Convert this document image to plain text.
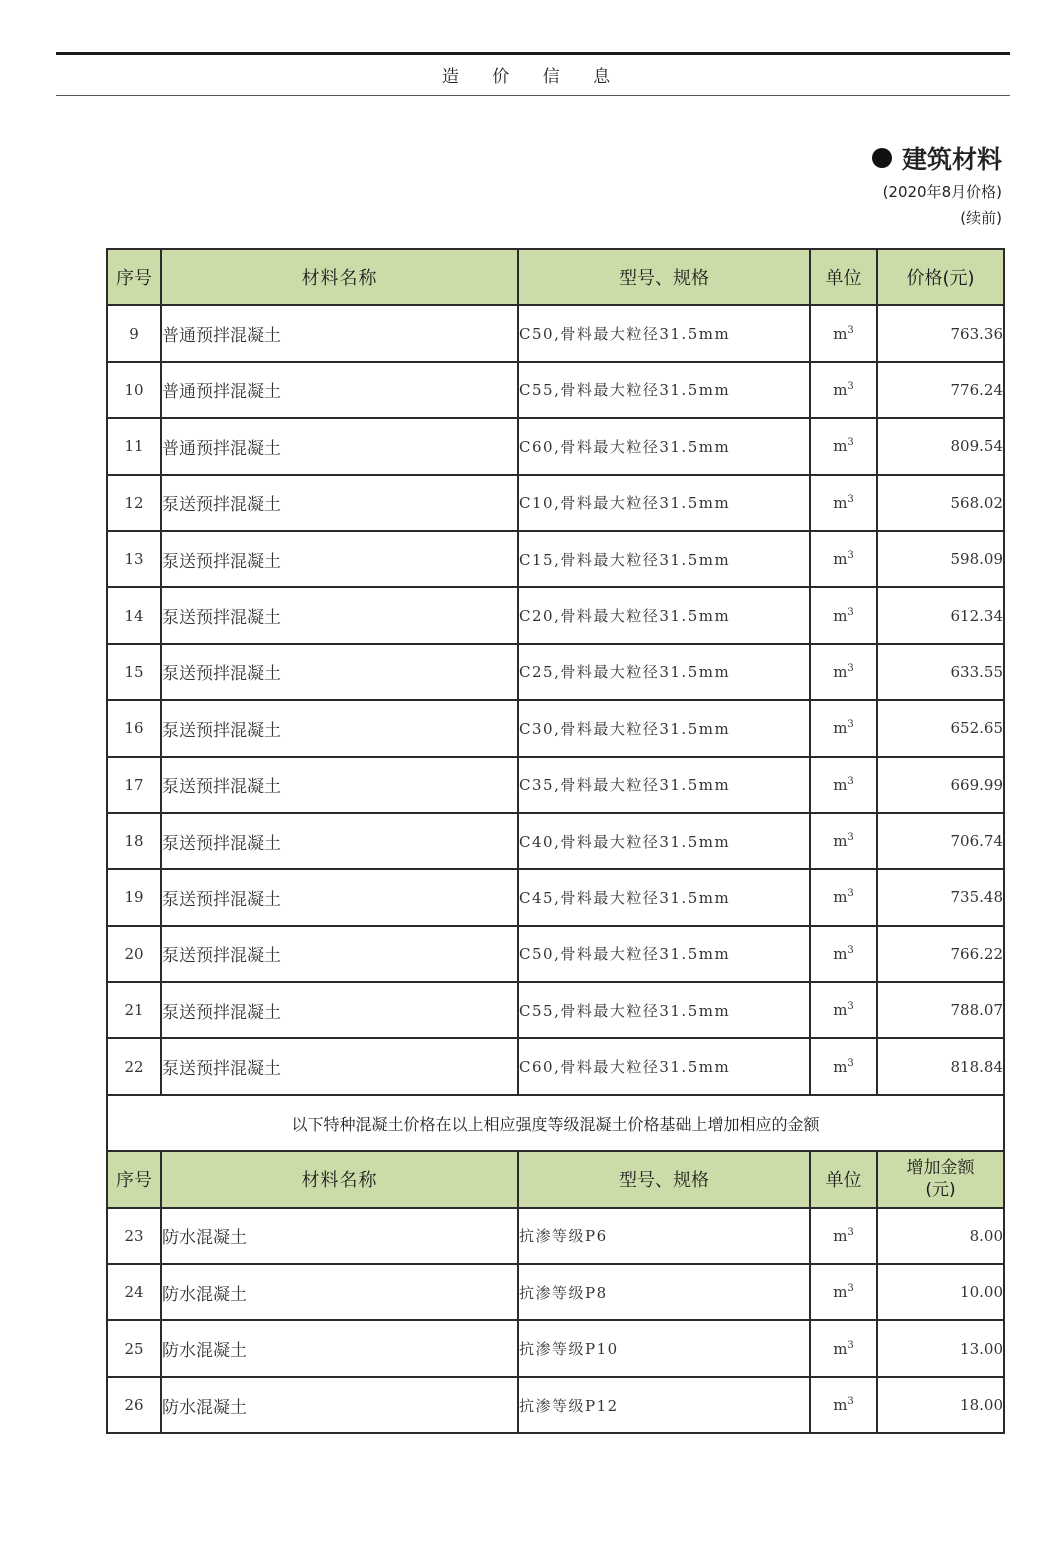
造 价 信 息
建筑材料
(2020年8月价格)
(续前)
序号	材料名称	型号、规格	单位	价格(元)
9	普通预拌混凝土	C50,骨料最大粒径31.5mm	$m^3$	763.36
10	普通预拌混凝土	C55,骨料最大粒径31.5mm	$m^3$	776.24
11	普通预拌混凝土	C60,骨料最大粒径31.5mm	$m^3$	809.54
12	泵送预拌混凝土	C10,骨料最大粒径31.5mm	$m^3$	568.02
13	泵送预拌混凝土	C15,骨料最大粒径31.5mm	$m^3$	598.09
14	泵送预拌混凝土	C20,骨料最大粒径31.5mm	$m^3$	612.34
15	泵送预拌混凝土	C25,骨料最大粒径31.5mm	$m^3$	633.55
16	泵送预拌混凝土	C30,骨料最大粒径31.5mm	$m^3$	652.65
17	泵送预拌混凝土	C35,骨料最大粒径31.5mm	$m^3$	669.99
18	泵送预拌混凝土	C40,骨料最大粒径31.5mm	$m^3$	706.74
19	泵送预拌混凝土	C45,骨料最大粒径31.5mm	$m^3$	735.48
20	泵送预拌混凝土	C50,骨料最大粒径31.5mm	$m^3$	766.22
21	泵送预拌混凝土	C55,骨料最大粒径31.5mm	$m^3$	788.07
22	泵送预拌混凝土	C60,骨料最大粒径31.5mm	$m^3$	818.84
以下特种混凝土价格在以上相应强度等级混凝土价格基础上增加相应的金额				
序号	材料名称	型号、规格	单位	增加金额
(元)

23	防水混凝土	抗渗等级P6	$m^3$	8.00
24	防水混凝土	抗渗等级P8	$m^3$	10.00
25	防水混凝土	抗渗等级P10	$m^3$	13.00
26	防水混凝土	抗渗等级P12	$m^3$	18.00
